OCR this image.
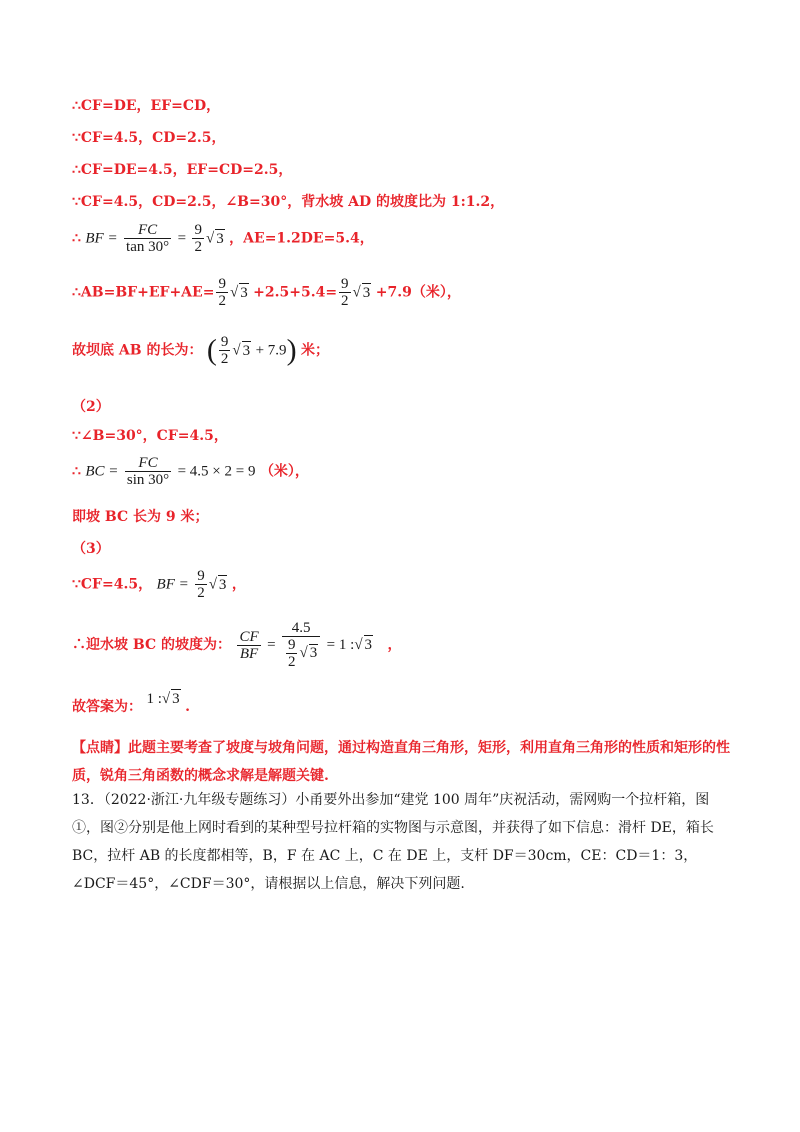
∴CF=DE，EF=CD，
∵CF=4.5，CD=2.5，
∴CF=DE=4.5，EF=CD=2.5，
∵CF=4.5，CD=2.5，∠B=30°，背水坡 AD 的坡度比为 1:1.2，
∴ BF = $\frac{FC}{\tan 30^\circ} = \frac{9}{2}$ √ 3 ，AE=1.2DE=5.4，
∴AB=BF+EF+AE= $\frac{9}{2}$ √ $3 +2.5+5.4= \frac{9}{2}$ √ 3 +7.9（米），
故坝底 AB 的长为： ( $\frac{9}{2}$ √ 3 + 7.9) 米；
（2）
∵∠B=30°，CF=4.5，
∴ BC = $\frac{FC}{\sin 30^\circ} = 4.5 \times 2 = 9$ （米），
即坡 BC 长为 9 米；
（3）
∵CF=4.5， BF = $\frac{9}{2}$ √ 3 ，
∴迎水坡 BC 的坡度为： $\frac{CF}{BF} = \frac{4.5}{\frac{9}{2} √ 3} = 1$ :√ 3 ，
故答案为： 1 :√ 3 .
【点睛】此题主要考查了坡度与坡角问题，通过构造直角三角形，矩形，利用直角三角形的性质和矩形的性质，锐角三角函数的概念求解是解题关键.
13．（2022·浙江·九年级专题练习）小甬要外出参加“建党 100 周年”庆祝活动，需网购一个拉杆箱，图①，图②分别是他上网时看到的某种型号拉杆箱的实物图与示意图，并获得了如下信息：滑杆 DE，箱长 BC，拉杆 AB 的长度都相等，B，F 在 AC 上，C 在 DE 上，支杆 DF＝30cm，CE：CD＝1：3，∠DCF＝45°，∠CDF＝30°，请根据以上信息，解决下列问题.
